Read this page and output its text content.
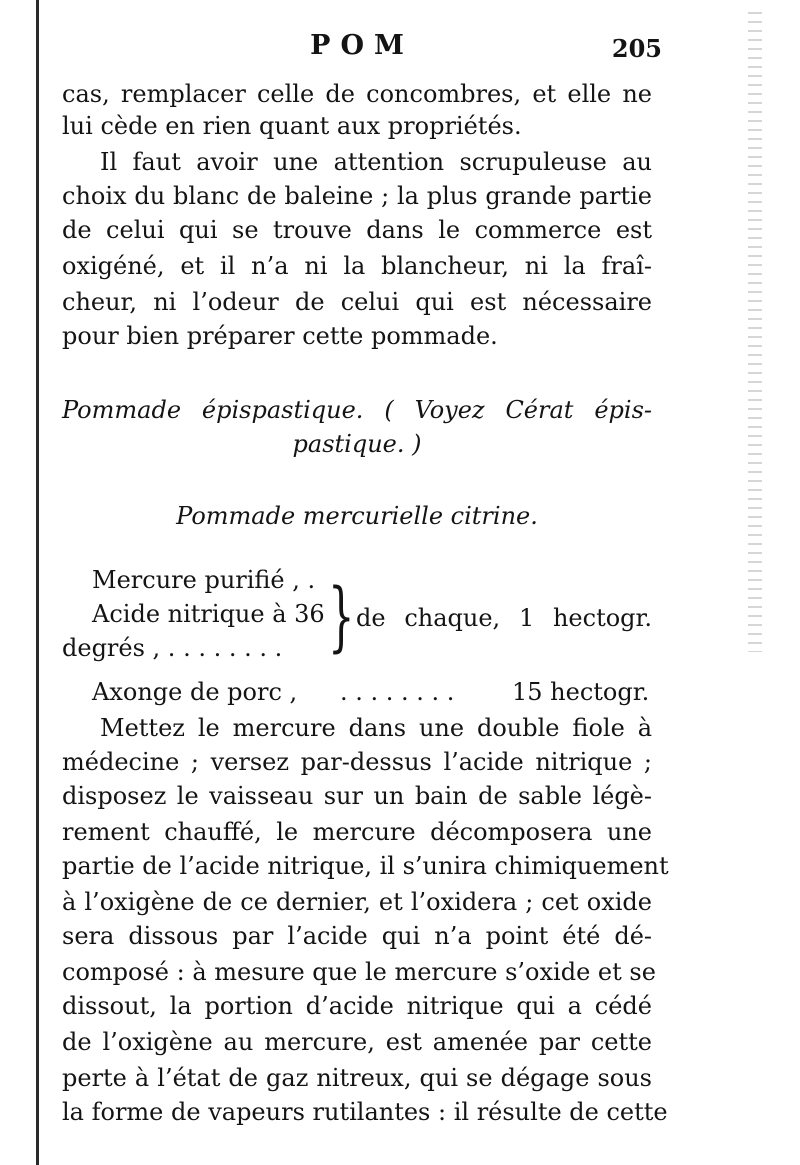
POM	205
cas, remplacer celle de concombres, et elle ne
lui cède en rien quant aux propriétés.
Il faut avoir une attention scrupuleuse au
choix du blanc de baleine ; la plus grande partie
de celui qui se trouve dans le commerce est
oxigéné, et il n’a ni la blancheur, ni la fraî-
cheur, ni l’odeur de celui qui est nécessaire
pour bien préparer cette pommade.
Pommade épispastique. ( Voyez Cérat épis-
pastique. )
Pommade mercurielle citrine.
Mercure purifié , .
Acide nitrique à 36
degrés , . . . . . . . . } de chaque, 1 hectogr.
Axonge de porc , . . . . . . . . 15 hectogr.
Mettez le mercure dans une double fiole à
médecine ; versez par-dessus l’acide nitrique ;
disposez le vaisseau sur un bain de sable légè-
rement chauffé, le mercure décomposera une
partie de l’acide nitrique, il s’unira chimiquement
à l’oxigène de ce dernier, et l’oxidera ; cet oxide
sera dissous par l’acide qui n’a point été dé-
composé : à mesure que le mercure s’oxide et se
dissout, la portion d’acide nitrique qui a cédé
de l’oxigène au mercure, est amenée par cette
perte à l’état de gaz nitreux, qui se dégage sous
la forme de vapeurs rutilantes : il résulte de cette
